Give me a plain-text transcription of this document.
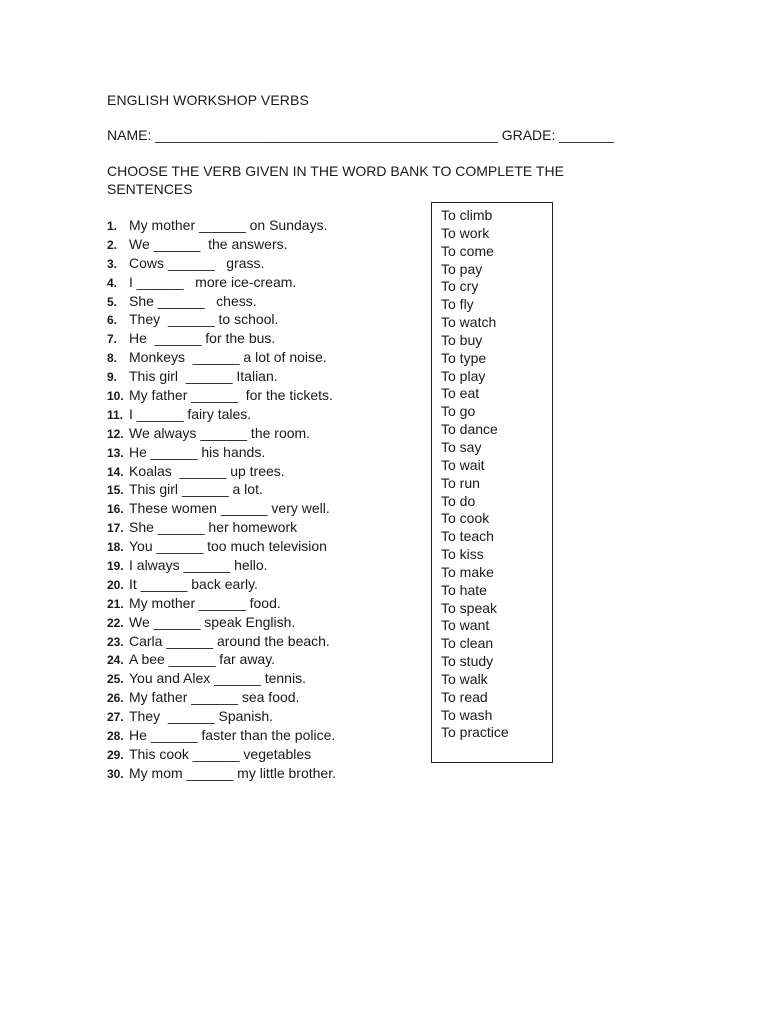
ENGLISH WORKSHOP VERBS
NAME: ____________________________________________ GRADE: _______
CHOOSE THE VERB GIVEN IN THE WORD BANK TO COMPLETE THE SENTENCES
1. My mother ______ on Sundays.
2. We ______  the answers.
3. Cows ______   grass.
4. I ______   more ice-cream.
5. She ______   chess.
6. They  ______ to school.
7. He  ______ for the bus.
8. Monkeys  ______ a lot of noise.
9. This girl  ______ Italian.
10. My father ______  for the tickets.
11. I ______ fairy tales.
12. We always ______ the room.
13. He ______ his hands.
14. Koalas  ______ up trees.
15. This girl ______ a lot.
16. These women ______ very well.
17. She ______ her homework
18. You ______ too much television
19. I always ______ hello.
20. It ______ back early.
21. My mother ______ food.
22. We ______ speak English.
23. Carla ______ around the beach.
24. A bee ______ far away.
25. You and Alex ______ tennis.
26. My father ______ sea food.
27. They  ______ Spanish.
28. He ______ faster than the police.
29. This cook ______ vegetables
30. My mom ______ my little brother.
To climb
To work
To come
To pay
To cry
To fly
To watch
To buy
To type
To play
To eat
To go
To dance
To say
To wait
To run
To do
To cook
To teach
To kiss
To make
To hate
To speak
To want
To clean
To study
To walk
To read
To wash
To practice
